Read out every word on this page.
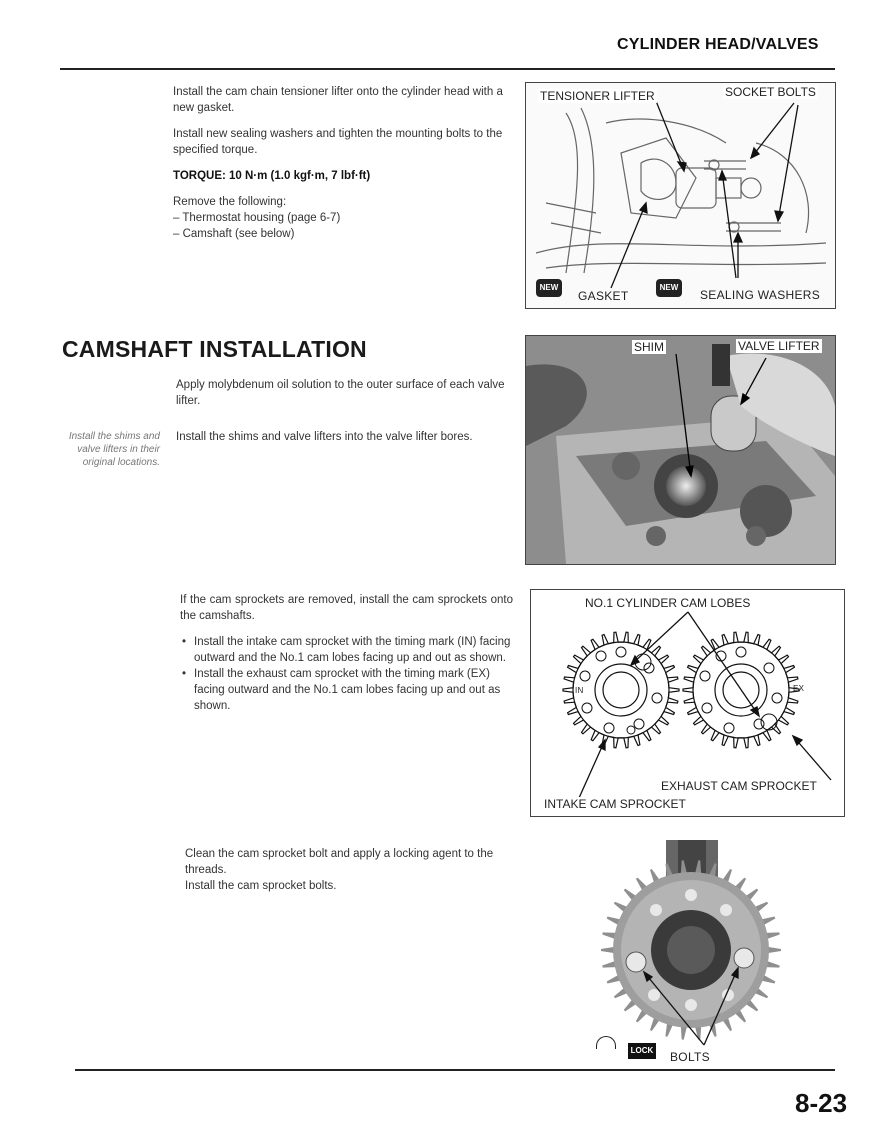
CYLINDER HEAD/VALVES

Install the cam chain tensioner lifter onto the cylinder head with a new gasket.

Install new sealing washers and tighten the mounting bolts to the specified torque.

TORQUE: 10 N·m (1.0 kgf·m, 7 lbf·ft)

Remove the following:
– Thermostat housing (page 6-7)
– Camshaft (see below)
TENSIONER LIFTER	SOCKET BOLTS
NEW
GASKET
NEW
SEALING WASHERS
CAMSHAFT INSTALLATION

Apply molybdenum oil solution to the outer surface of each valve lifter.

Install the shims and valve lifters into the valve lifter bores.

Install the shims and valve lifters in their original locations.
SHIM	VALVE LIFTER

If the cam sprockets are removed, install the cam sprockets onto the camshafts.

• Install the intake cam sprocket with the timing mark (IN) facing outward and the No.1 cam lobes facing up and out as shown.
• Install the exhaust cam sprocket with the timing mark (EX) facing outward and the No.1 cam lobes facing up and out as shown.
NO.1 CYLINDER CAM LOBES
IN	EX
EXHAUST CAM SPROCKET
INTAKE CAM SPROCKET
Clean the cam sprocket bolt and apply a locking agent to the threads.
Install the cam sprocket bolts.
LOCK BOLTS
8-23
